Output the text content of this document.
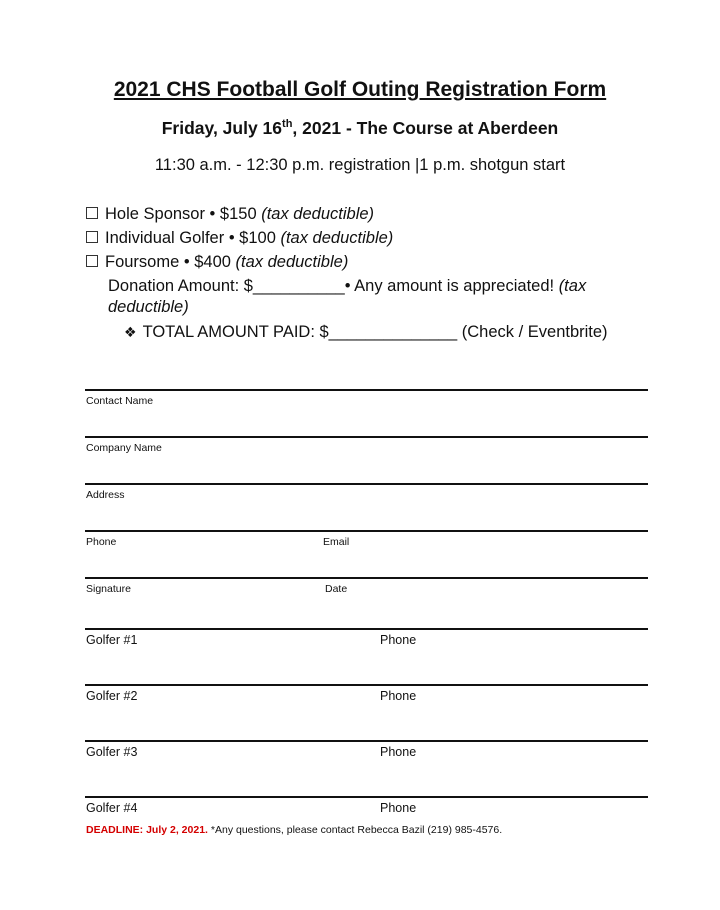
2021 CHS Football Golf Outing Registration Form
Friday, July 16th, 2021 - The Course at Aberdeen
11:30 a.m. - 12:30 p.m. registration |1 p.m. shotgun start
Hole Sponsor • $150 (tax deductible)
Individual Golfer • $100 (tax deductible)
Foursome • $400 (tax deductible)
Donation Amount: $__________• Any amount is appreciated! (tax deductible)
❖ TOTAL AMOUNT PAID: $______________ (Check / Eventbrite)
Contact Name
Company Name
Address
Phone	Email
Signature	Date
Golfer #1	Phone
Golfer #2	Phone
Golfer #3	Phone
Golfer #4	Phone
DEADLINE: July 2, 2021. *Any questions, please contact Rebecca Bazil (219) 985-4576.
